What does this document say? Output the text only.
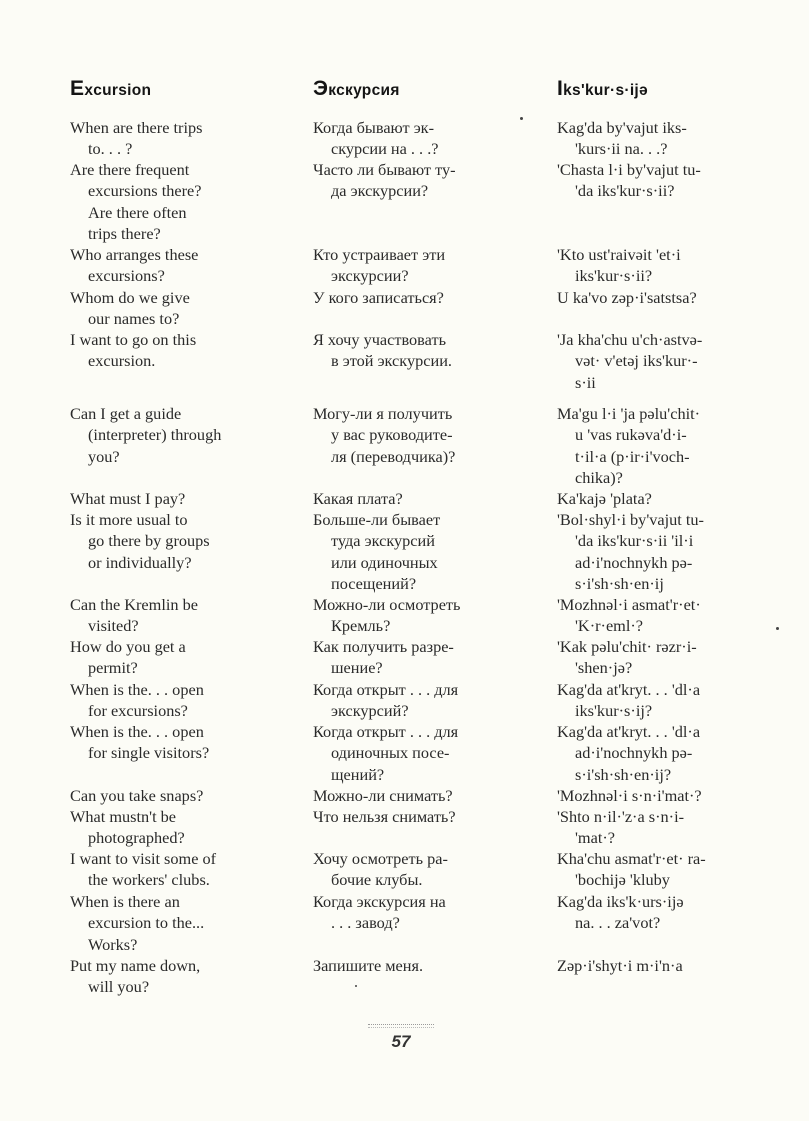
Excursion
When are there trips
to. . . ?
Are there frequent
excursions there?
Are there often
trips there?
Who arranges these
excursions?
Whom do we give
our names to?
I want to go on this
excursion.
Can I get a guide
(interpreter) through
you?
What must I pay?
Is it more usual to
go there by groups
or individually?
Can the Kremlin be
visited?
How do you get a
permit?
When is the. . . open
for excursions?
When is the. . . open
for single visitors?
Can you take snaps?
What mustn't be
photographed?
I want to visit some of
the workers' clubs.
When is there an
excursion to the...
Works?
Put my name down,
will you?
Экскурсия
Когда бывают эк-
скурсии на . . .?
Часто ли бывают ту-
да экскурсии?
Кто устраивает эти
экскурсии?
У кого записаться?
Я хочу участвовать
в этой экскурсии.
Могу-ли я получить
у вас руководите-
ля (переводчика)?
Какая плата?
Больше-ли бывает
туда экскурсий
или одиночных
посещений?
Можно-ли осмотреть
Кремль?
Как получить разре-
шение?
Когда открыт . . . для
экскурсий?
Когда открыт . . . для
одиночных посе-
щений?
Можно-ли снимать?
Что нельзя снимать?
Хочу осмотреть ра-
бочие клубы.
Когда экскурсия на
. . . завод?
Запишите меня.
Iks'kur·s·ijə
Kag'da by'vajut iks-
'kurs·ii na. . .?
'Chasta l·i by'vajut tu-
'da iks'kur·s·ii?
'Kto ust'raivəit 'et·i
iks'kur·s·ii?
U ka'vo zəp·i'satstsa?
'Ja kha'chu u'ch·astvə-
vət· v'etəj iks'kur·-
s·ii
Ma'gu l·i 'ja pəlu'chit·
u 'vas rukəva'd·i-
t·il·a (p·ir·i'voch-
chika)?
Ka'kajə 'plata?
'Bol·shyl·i by'vajut tu-
'da iks'kur·s·ii 'il·i
ad·i'nochnykh pə-
s·i'sh·sh·en·ij
'Mozhnəl·i asmat'r·et·
'K·r·eml·?
'Kak pəlu'chit· rəzr·i-
'shen·jə?
Kag'da at'kryt. . . 'dl·a
iks'kur·s·ij?
Kag'da at'kryt. . . 'dl·a
ad·i'nochnykh pə-
s·i'sh·sh·en·ij?
'Mozhnəl·i s·n·i'mat·?
'Shto n·il·'z·a s·n·i-
'mat·?
Kha'chu asmat'r·et· ra-
'bochijə 'kluby
Kag'da iks'k·urs·ijə
na. . . za'vot?
Zəp·i'shyt·i m·i'n·a
57
